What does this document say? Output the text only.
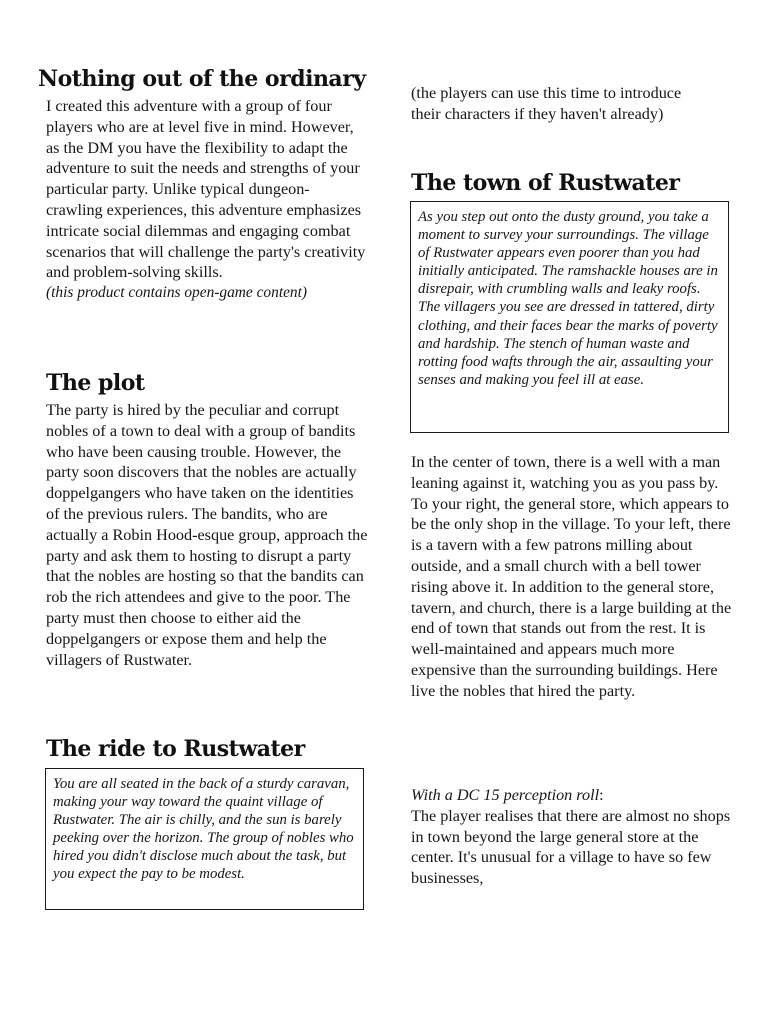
Nothing out of the ordinary
I created this adventure with a group of four players who are at level five in mind. However, as the DM you have the flexibility to adapt the adventure to suit the needs and strengths of your particular party. Unlike typical dungeon-crawling experiences, this adventure emphasizes intricate social dilemmas and engaging combat scenarios that will challenge the party's creativity and problem-solving skills.
(this product contains open-game content)
The plot

The party is hired by the peculiar and corrupt nobles of a town to deal with a group of bandits who have been causing trouble. However, the party soon discovers that the nobles are actually doppelgangers who have taken on the identities of the previous rulers. The bandits, who are actually a Robin Hood-esque group, approach the party and ask them to hosting to disrupt a party that the nobles are hosting so that the bandits can rob the rich attendees and give to the poor. The party must then choose to either aid the doppelgangers or expose them and help the villagers of Rustwater.

The ride to Rustwater
You are all seated in the back of a sturdy caravan, making your way toward the quaint village of Rustwater. The air is chilly, and the sun is barely peeking over the horizon. The group of nobles who hired you didn't disclose much about the task, but you expect the pay to be modest.

(the players can use this time to introduce their characters if they haven't already)

The town of Rustwater
As you step out onto the dusty ground, you take a moment to survey your surroundings. The village of Rustwater appears even poorer than you had initially anticipated. The ramshackle houses are in disrepair, with crumbling walls and leaky roofs. The villagers you see are dressed in tattered, dirty clothing, and their faces bear the marks of poverty and hardship. The stench of human waste and rotting food wafts through the air, assaulting your senses and making you feel ill at ease.

In the center of town, there is a well with a man leaning against it, watching you as you pass by. To your right, the general store, which appears to be the only shop in the village. To your left, there is a tavern with a few patrons milling about outside, and a small church with a bell tower rising above it. In addition to the general store, tavern, and church, there is a large building at the end of town that stands out from the rest. It is well-maintained and appears much more expensive than the surrounding buildings. Here live the nobles that hired the party.

With a DC 15 perception roll:
The player realises that there are almost no shops in town beyond the large general store at the center. It's unusual for a village to have so few businesses,
